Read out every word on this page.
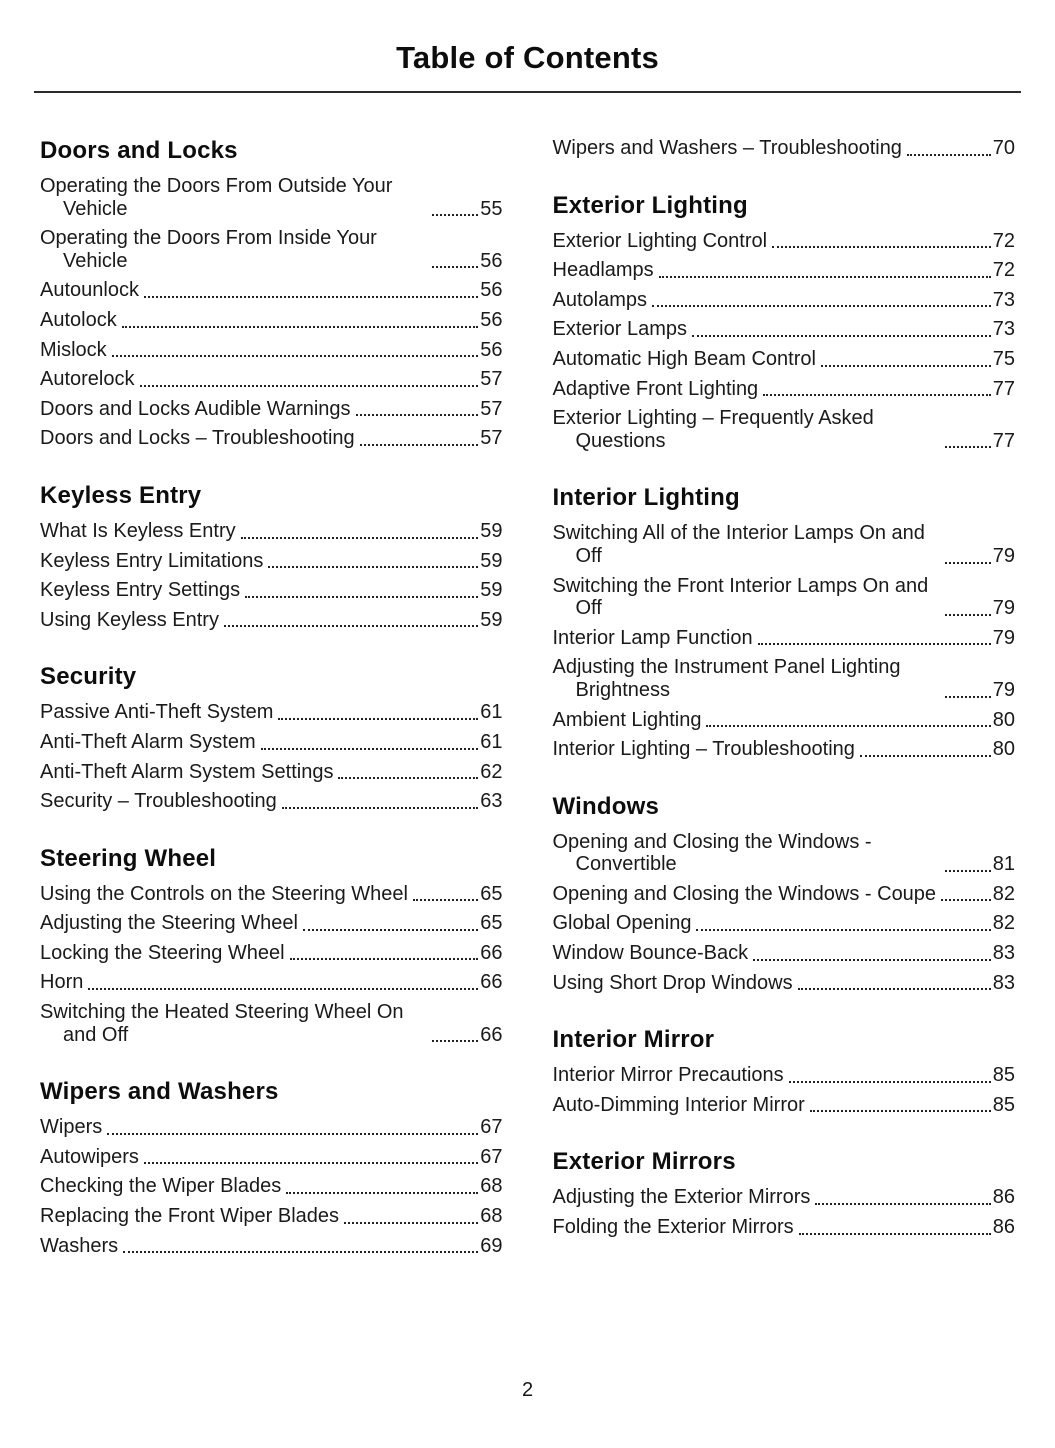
Table of Contents
Doors and Locks
Operating the Doors From Outside Your Vehicle	55
Operating the Doors From Inside Your Vehicle	56
Autounlock	56
Autolock	56
Mislock	56
Autorelock	57
Doors and Locks Audible Warnings	57
Doors and Locks – Troubleshooting	57
Keyless Entry
What Is Keyless Entry	59
Keyless Entry Limitations	59
Keyless Entry Settings	59
Using Keyless Entry	59
Security
Passive Anti-Theft System	61
Anti-Theft Alarm System	61
Anti-Theft Alarm System Settings	62
Security – Troubleshooting	63
Steering Wheel
Using the Controls on the Steering Wheel	65
Adjusting the Steering Wheel	65
Locking the Steering Wheel	66
Horn	66
Switching the Heated Steering Wheel On and Off	66
Wipers and Washers
Wipers	67
Autowipers	67
Checking the Wiper Blades	68
Replacing the Front Wiper Blades	68
Washers	69
Wipers and Washers – Troubleshooting	70
Exterior Lighting
Exterior Lighting Control	72
Headlamps	72
Autolamps	73
Exterior Lamps	73
Automatic High Beam Control	75
Adaptive Front Lighting	77
Exterior Lighting – Frequently Asked Questions	77
Interior Lighting
Switching All of the Interior Lamps On and Off	79
Switching the Front Interior Lamps On and Off	79
Interior Lamp Function	79
Adjusting the Instrument Panel Lighting Brightness	79
Ambient Lighting	80
Interior Lighting – Troubleshooting	80
Windows
Opening and Closing the Windows - Convertible	81
Opening and Closing the Windows - Coupe	82
Global Opening	82
Window Bounce-Back	83
Using Short Drop Windows	83
Interior Mirror
Interior Mirror Precautions	85
Auto-Dimming Interior Mirror	85
Exterior Mirrors
Adjusting the Exterior Mirrors	86
Folding the Exterior Mirrors	86
2
